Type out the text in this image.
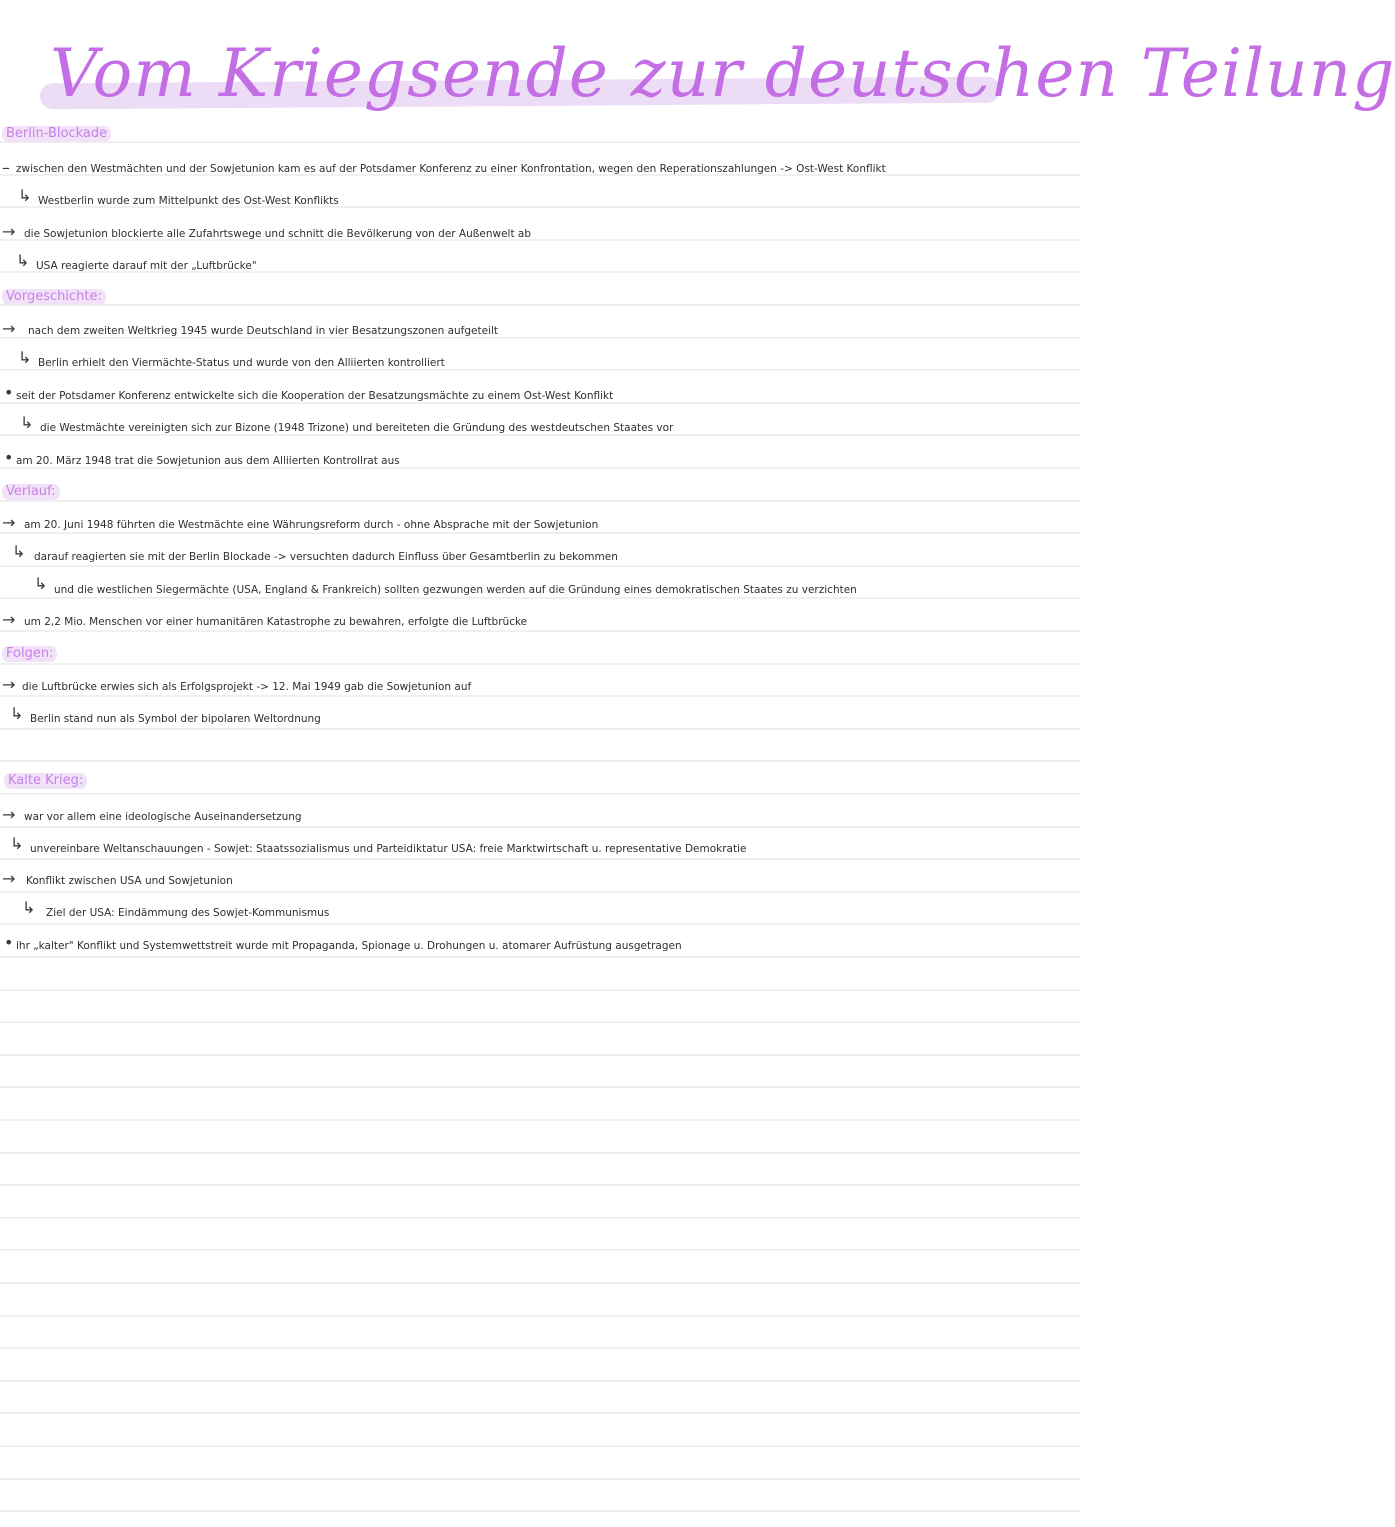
Vom Kriegsende zur deutschen Teilung
Berlin-Blockade
– zwischen den Westmächten und der Sowjetunion kam es auf der Potsdamer Konferenz zu einer Konfrontation, wegen den Reperationszahlungen -> Ost-West Konflikt
↳ Westberlin wurde zum Mittelpunkt des Ost-West Konflikts
→ die Sowjetunion blockierte alle Zufahrtswege und schnitt die Bevölkerung von der Außenwelt ab
↳ USA reagierte darauf mit der „Luftbrücke"
Vorgeschichte:
→ nach dem zweiten Weltkrieg 1945 wurde Deutschland in vier Besatzungszonen aufgeteilt
↳ Berlin erhielt den Viermächte-Status und wurde von den Alliierten kontrolliert
• seit der Potsdamer Konferenz entwickelte sich die Kooperation der Besatzungsmächte zu einem Ost-West Konflikt
↳ die Westmächte vereinigten sich zur Bizone (1948 Trizone) und bereiteten die Gründung des westdeutschen Staates vor
• am 20. März 1948 trat die Sowjetunion aus dem Alliierten Kontrollrat aus
Verlauf:
→ am 20. Juni 1948 führten die Westmächte eine Währungsreform durch - ohne Absprache mit der Sowjetunion
↳ darauf reagierten sie mit der Berlin Blockade -> versuchten dadurch Einfluss über Gesamtberlin zu bekommen
↳ und die westlichen Siegermächte (USA, England & Frankreich) sollten gezwungen werden auf die Gründung eines demokratischen Staates zu verzichten
→ um 2,2 Mio. Menschen vor einer humanitären Katastrophe zu bewahren, erfolgte die Luftbrücke
Folgen:
→ die Luftbrücke erwies sich als Erfolgsprojekt -> 12. Mai 1949 gab die Sowjetunion auf
↳ Berlin stand nun als Symbol der bipolaren Weltordnung
Kalte Krieg:
→ war vor allem eine ideologische Auseinandersetzung
↳ unvereinbare Weltanschauungen - Sowjet: Staatssozialismus und Parteidiktatur USA: freie Marktwirtschaft u. representative Demokratie
→ Konflikt zwischen USA und Sowjetunion
↳ Ziel der USA: Eindämmung des Sowjet-Kommunismus
• ihr „kalter" Konflikt und Systemwettstreit wurde mit Propaganda, Spionage u. Drohungen u. atomarer Aufrüstung ausgetragen
